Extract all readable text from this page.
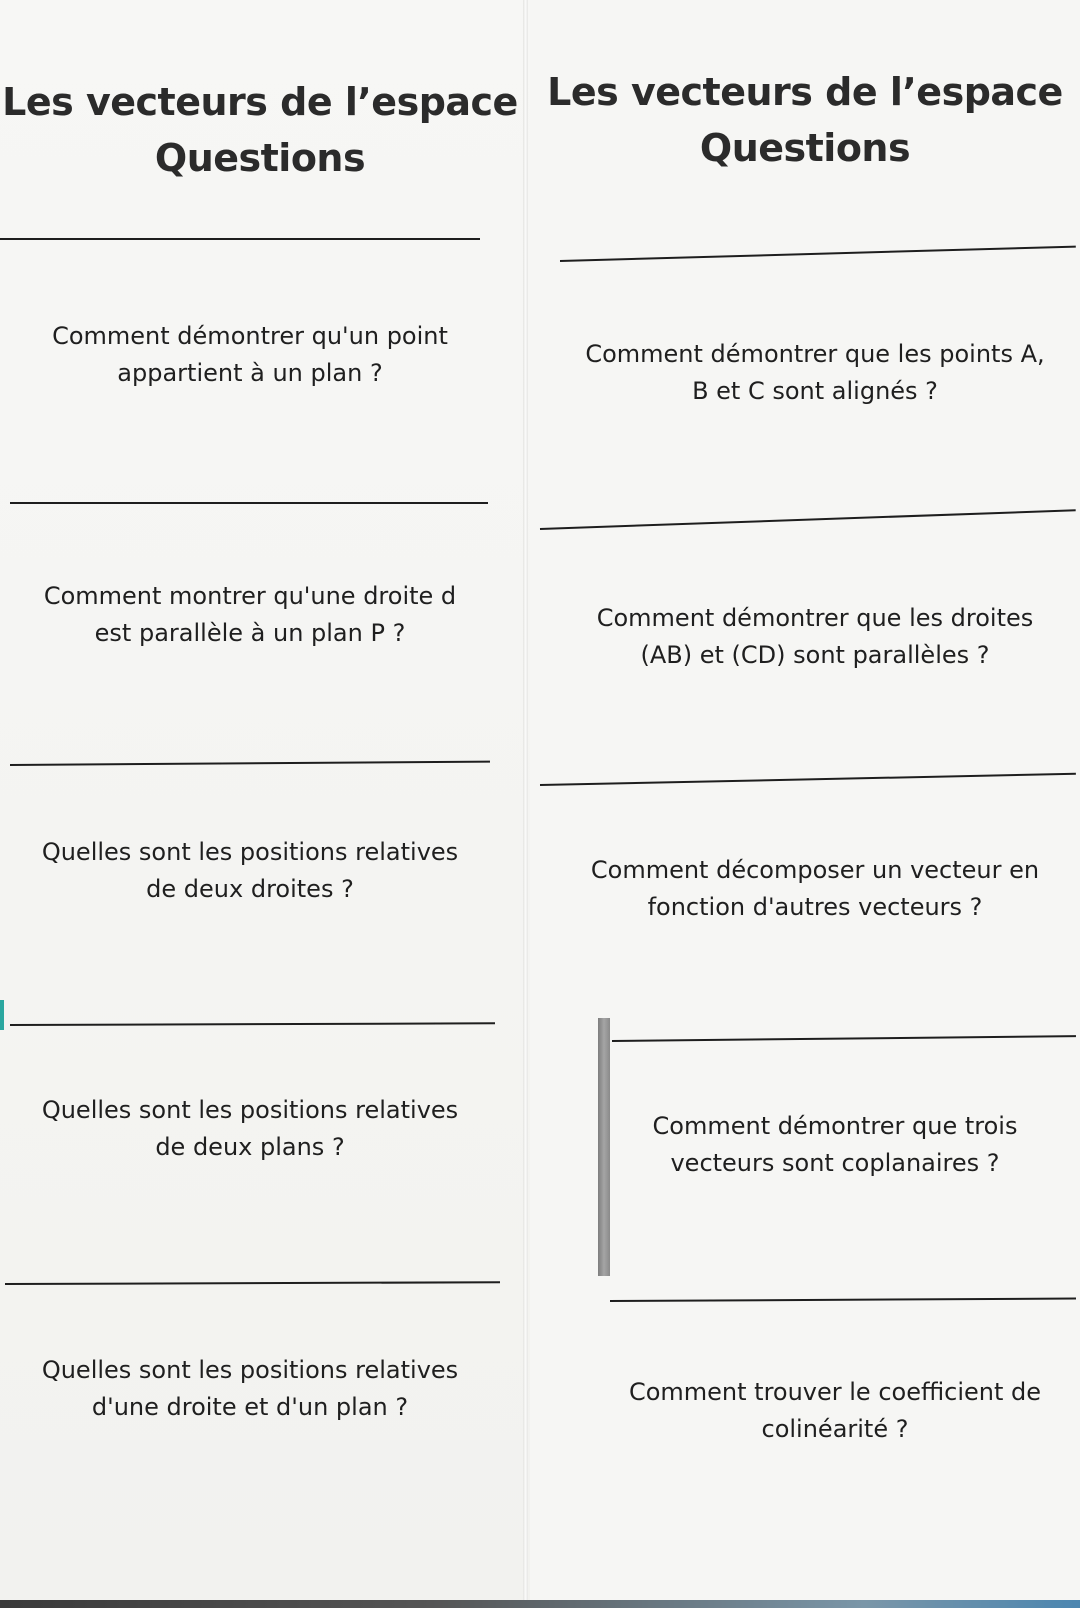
Les vecteurs de l’espace
Questions
Comment démontrer qu'un point
appartient à un plan ?
Comment montrer qu'une droite d
est parallèle à un plan P ?
Quelles sont les positions relatives
de deux droites ?
Quelles sont les positions relatives
de deux plans ?
Quelles sont les positions relatives
d'une droite et d'un plan ?
Les vecteurs de l’espace
Questions
Comment démontrer que les points A,
B et C sont alignés ?
Comment démontrer que les droites
(AB) et (CD) sont parallèles ?
Comment décomposer un vecteur en
fonction d'autres vecteurs ?
Comment démontrer que trois
vecteurs sont coplanaires ?
Comment trouver le coefficient de
colinéarité ?
